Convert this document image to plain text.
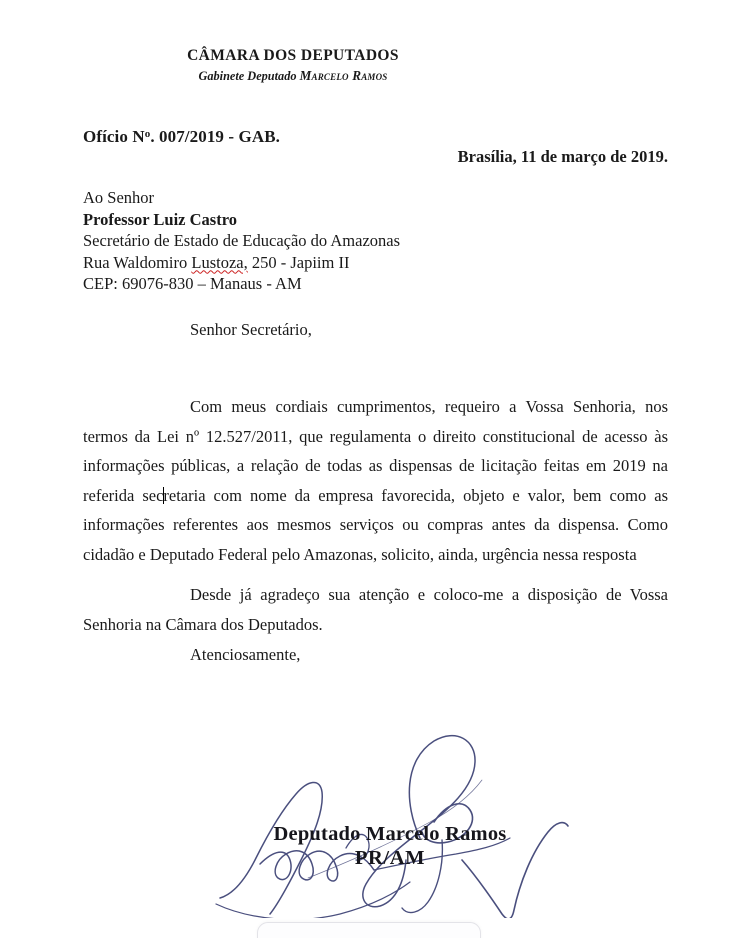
CÂMARA DOS DEPUTADOS
Gabinete Deputado Marcelo Ramos
Ofício $N^o$. 007/2019 - GAB.
Brasília, 11 de março de 2019.
Ao Senhor
Professor Luiz Castro
Secretário de Estado de Educação do Amazonas
Rua Waldomiro Lustoza, 250 - Japiim II
CEP: 69076-830 – Manaus - AM
Senhor Secretário,

Com meus cordiais cumprimentos, requeiro a Vossa Senhoria, nos termos da Lei nº 12.527/2011, que regulamenta o direito constitucional de acesso às informações públicas, a relação de todas as dispensas de licitação feitas em 2019 na referida secretaria com nome da empresa favorecida, objeto e valor, bem como as informações referentes aos mesmos serviços ou compras antes da dispensa. Como cidadão e Deputado Federal pelo Amazonas, solicito, ainda, urgência nessa resposta

Desde já agradeço sua atenção e coloco-me a disposição de Vossa Senhoria na Câmara dos Deputados.

Atenciosamente,
Deputado Marcelo Ramos
PR/AM
